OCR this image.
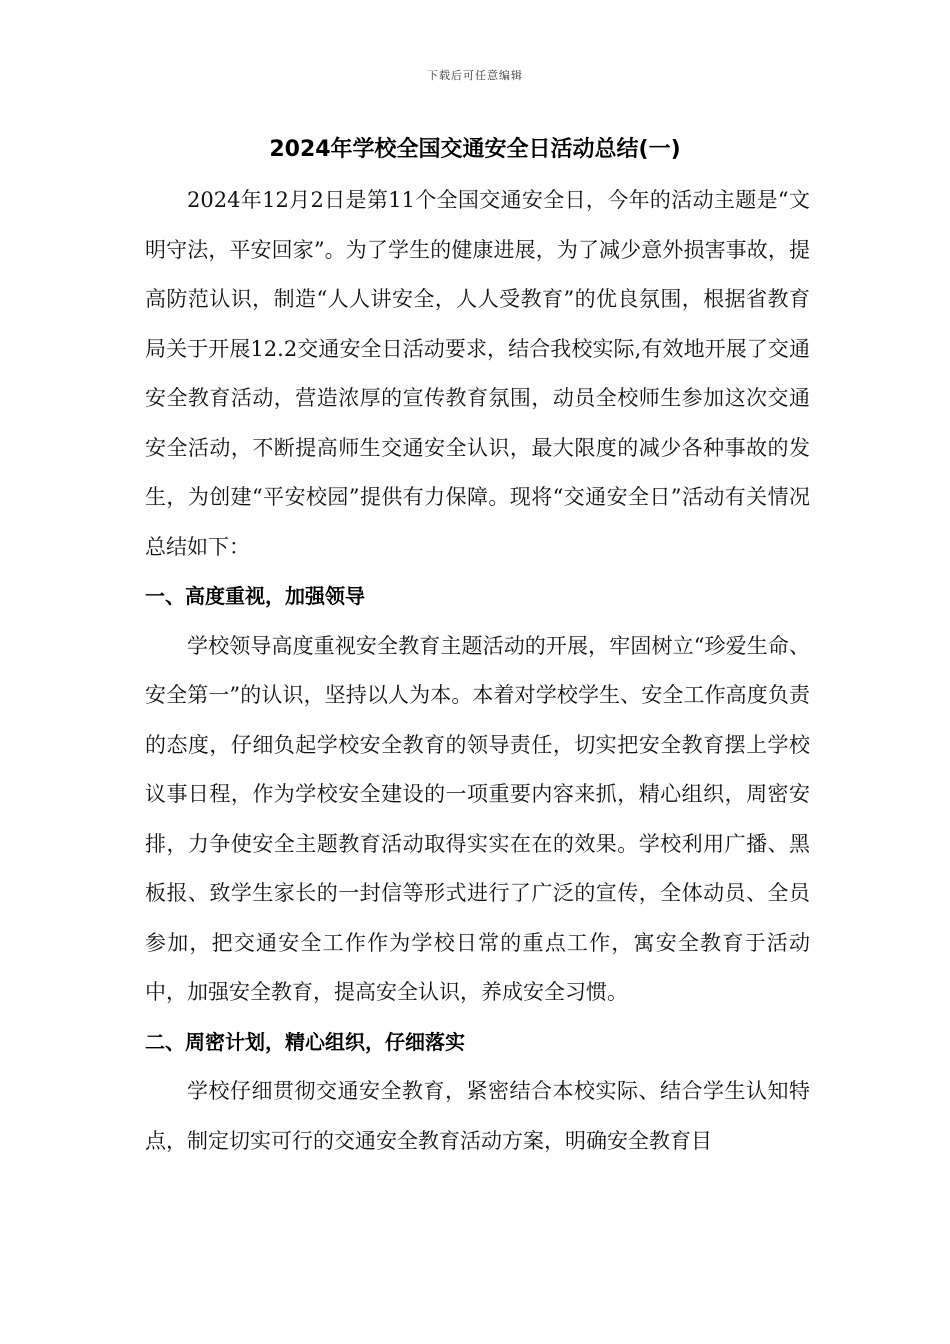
下载后可任意编辑
2024年学校全国交通安全日活动总结(一)

2024年12月2日是第11个全国交通安全日，今年的活动主题是“文明守法，平安回家”。为了学生的健康进展，为了减少意外损害事故，提高防范认识，制造“人人讲安全，人人受教育”的优良氛围，根据省教育局关于开展12.2交通安全日活动要求，结合我校实际,有效地开展了交通安全教育活动，营造浓厚的宣传教育氛围，动员全校师生参加这次交通安全活动，不断提高师生交通安全认识，最大限度的减少各种事故的发生，为创建“平安校园”提供有力保障。现将“交通安全日”活动有关情况总结如下：

一、高度重视，加强领导

学校领导高度重视安全教育主题活动的开展，牢固树立“珍爱生命、安全第一”的认识，坚持以人为本。本着对学校学生、安全工作高度负责的态度，仔细负起学校安全教育的领导责任，切实把安全教育摆上学校议事日程，作为学校安全建设的一项重要内容来抓，精心组织，周密安排，力争使安全主题教育活动取得实实在在的效果。学校利用广播、黑板报、致学生家长的一封信等形式进行了广泛的宣传，全体动员、全员参加，把交通安全工作作为学校日常的重点工作，寓安全教育于活动中，加强安全教育，提高安全认识，养成安全习惯。

二、周密计划，精心组织，仔细落实

学校仔细贯彻交通安全教育，紧密结合本校实际、结合学生认知特点，制定切实可行的交通安全教育活动方案，明确安全教育目
